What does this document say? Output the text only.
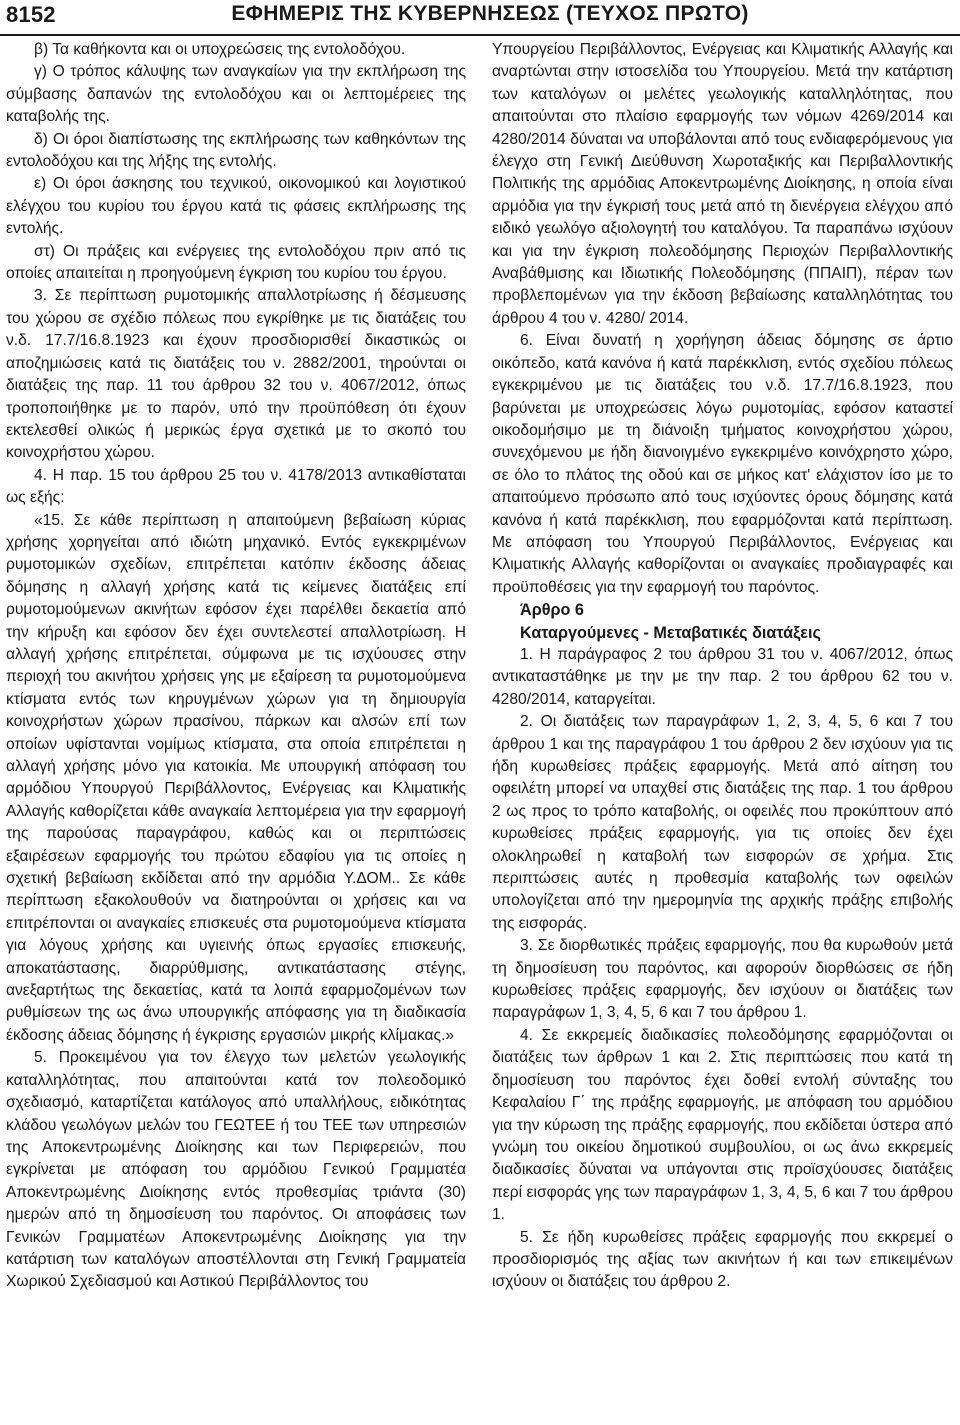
8152	ΕΦΗΜΕΡΙΣ ΤΗΣ ΚΥΒΕΡΝΗΣΕΩΣ (ΤΕΥΧΟΣ ΠΡΩΤΟ)

β) Τα καθήκοντα και οι υποχρεώσεις της εντολοδόχου.

γ) Ο τρόπος κάλυψης των αναγκαίων για την εκπλήρωση της σύμβασης δαπανών της εντολοδόχου και οι λεπτομέρειες της καταβολής της.

δ) Οι όροι διαπίστωσης της εκπλήρωσης των καθηκόντων της εντολοδόχου και της λήξης της εντολής.

ε) Οι όροι άσκησης του τεχνικού, οικονομικού και λογιστικού ελέγχου του κυρίου του έργου κατά τις φάσεις εκπλήρωσης της εντολής.

στ) Οι πράξεις και ενέργειες της εντολοδόχου πριν από τις οποίες απαιτείται η προηγούμενη έγκριση του κυρίου του έργου.

3. Σε περίπτωση ρυμοτομικής απαλλοτρίωσης ή δέσμευσης του χώρου σε σχέδιο πόλεως που εγκρίθηκε με τις διατάξεις του ν.δ. 17.7/16.8.1923 και έχουν προσδιορισθεί δικαστικώς οι αποζημιώσεις κατά τις διατάξεις του ν. 2882/2001, τηρούνται οι διατάξεις της παρ. 11 του άρθρου 32 του ν. 4067/2012, όπως τροποποιήθηκε με το παρόν, υπό την προϋπόθεση ότι έχουν εκτελεσθεί ολικώς ή μερικώς έργα σχετικά με το σκοπό του κοινοχρήστου χώρου.

4. Η παρ. 15 του άρθρου 25 του ν. 4178/2013 αντικαθίσταται ως εξής:

«15. Σε κάθε περίπτωση η απαιτούμενη βεβαίωση κύριας χρήσης χορηγείται από ιδιώτη μηχανικό. Εντός εγκεκριμένων ρυμοτομικών σχεδίων, επιτρέπεται κατόπιν έκδοσης άδειας δόμησης η αλλαγή χρήσης κατά τις κείμενες διατάξεις επί ρυμοτομούμενων ακινήτων εφόσον έχει παρέλθει δεκαετία από την κήρυξη και εφόσον δεν έχει συντελεστεί απαλλοτρίωση. Η αλλαγή χρήσης επιτρέπεται, σύμφωνα με τις ισχύουσες στην περιοχή του ακινήτου χρήσεις γης με εξαίρεση τα ρυμοτομούμενα κτίσματα εντός των κηρυγμένων χώρων για τη δημιουργία κοινοχρήστων χώρων πρασίνου, πάρκων και αλσών επί των οποίων υφίστανται νομίμως κτίσματα, στα οποία επιτρέπεται η αλλαγή χρήσης μόνο για κατοικία. Με υπουργική απόφαση του αρμόδιου Υπουργού Περιβάλλοντος, Ενέργειας και Κλιματικής Αλλαγής καθορίζεται κάθε αναγκαία λεπτομέρεια για την εφαρμογή της παρούσας παραγράφου, καθώς και οι περιπτώσεις εξαιρέσεων εφαρμογής του πρώτου εδαφίου για τις οποίες η σχετική βεβαίωση εκδίδεται από την αρμόδια Υ.ΔΟΜ.. Σε κάθε περίπτωση εξακολουθούν να διατηρούνται οι χρήσεις και να επιτρέπονται οι αναγκαίες επισκευές στα ρυμοτομούμενα κτίσματα για λόγους χρήσης και υγιεινής όπως εργασίες επισκευής, αποκατάστασης, διαρρύθμισης, αντικατάστασης στέγης, ανεξαρτήτως της δεκαετίας, κατά τα λοιπά εφαρμοζομένων των ρυθμίσεων της ως άνω υπουργικής απόφασης για τη διαδικασία έκδοσης άδειας δόμησης ή έγκρισης εργασιών μικρής κλίμακας.»

5. Προκειμένου για τον έλεγχο των μελετών γεωλογικής καταλληλότητας, που απαιτούνται κατά τον πολεοδομικό σχεδιασμό, καταρτίζεται κατάλογος από υπαλλήλους, ειδικότητας κλάδου γεωλόγων μελών του ΓΕΩΤΕΕ ή του ΤΕΕ των υπηρεσιών της Αποκεντρωμένης Διοίκησης και των Περιφερειών, που εγκρίνεται με απόφαση του αρμόδιου Γενικού Γραμματέα Αποκεντρωμένης Διοίκησης εντός προθεσμίας τριάντα (30) ημερών από τη δημοσίευση του παρόντος. Οι αποφάσεις των Γενικών Γραμματέων Αποκεντρωμένης Διοίκησης για την κατάρτιση των καταλόγων αποστέλλονται στη Γενική Γραμματεία Χωρικού Σχεδιασμού και Αστικού Περιβάλλοντος του

Υπουργείου Περιβάλλοντος, Ενέργειας και Κλιματικής Αλλαγής και αναρτώνται στην ιστοσελίδα του Υπουργείου. Μετά την κατάρτιση των καταλόγων οι μελέτες γεωλογικής καταλληλότητας, που απαιτούνται στο πλαίσιο εφαρμογής των νόμων 4269/2014 και 4280/2014 δύναται να υποβάλονται από τους ενδιαφερόμενους για έλεγχο στη Γενική Διεύθυνση Χωροταξικής και Περιβαλλοντικής Πολιτικής της αρμόδιας Αποκεντρωμένης Διοίκησης, η οποία είναι αρμόδια για την έγκρισή τους μετά από τη διενέργεια ελέγχου από ειδικό γεωλόγο αξιολογητή του καταλόγου. Τα παραπάνω ισχύουν και για την έγκριση πολεοδόμησης Περιοχών Περιβαλλοντικής Αναβάθμισης και Ιδιωτικής Πολεοδόμησης (ΠΠΑΙΠ), πέραν των προβλεπομένων για την έκδοση βεβαίωσης καταλληλότητας του άρθρου 4 του ν. 4280/ 2014.

6. Είναι δυνατή η χορήγηση άδειας δόμησης σε άρτιο οικόπεδο, κατά κανόνα ή κατά παρέκκλιση, εντός σχεδίου πόλεως εγκεκριμένου με τις διατάξεις του ν.δ. 17.7/16.8.1923, που βαρύνεται με υποχρεώσεις λόγω ρυμοτομίας, εφόσον καταστεί οικοδομήσιμο με τη διάνοιξη τμήματος κοινοχρήστου χώρου, συνεχόμενου με ήδη διανοιγμένο εγκεκριμένο κοινόχρηστο χώρο, σε όλο το πλάτος της οδού και σε μήκος κατ' ελάχιστον ίσο με το απαιτούμενο πρόσωπο από τους ισχύοντες όρους δόμησης κατά κανόνα ή κατά παρέκκλιση, που εφαρμόζονται κατά περίπτωση. Με απόφαση του Υπουργού Περιβάλλοντος, Ενέργειας και Κλιματικής Αλλαγής καθορίζονται οι αναγκαίες προδιαγραφές και προϋποθέσεις για την εφαρμογή του παρόντος.

Άρθρο 6

Καταργούμενες - Μεταβατικές διατάξεις

1. Η παράγραφος 2 του άρθρου 31 του ν. 4067/2012, όπως αντικαταστάθηκε με την με την παρ. 2 του άρθρου 62 του ν. 4280/2014, καταργείται.

2. Οι διατάξεις των παραγράφων 1, 2, 3, 4, 5, 6 και 7 του άρθρου 1 και της παραγράφου 1 του άρθρου 2 δεν ισχύουν για τις ήδη κυρωθείσες πράξεις εφαρμογής. Μετά από αίτηση του οφειλέτη μπορεί να υπαχθεί στις διατάξεις της παρ. 1 του άρθρου 2 ως προς το τρόπο καταβολής, οι οφειλές που προκύπτουν από κυρωθείσες πράξεις εφαρμογής, για τις οποίες δεν έχει ολοκληρωθεί η καταβολή των εισφορών σε χρήμα. Στις περιπτώσεις αυτές η προθεσμία καταβολής των οφειλών υπολογίζεται από την ημερομηνία της αρχικής πράξης επιβολής της εισφοράς.

3. Σε διορθωτικές πράξεις εφαρμογής, που θα κυρωθούν μετά τη δημοσίευση του παρόντος, και αφορούν διορθώσεις σε ήδη κυρωθείσες πράξεις εφαρμογής, δεν ισχύουν οι διατάξεις των παραγράφων 1, 3, 4, 5, 6 και 7 του άρθρου 1.

4. Σε εκκρεμείς διαδικασίες πολεοδόμησης εφαρμόζονται οι διατάξεις των άρθρων 1 και 2. Στις περιπτώσεις που κατά τη δημοσίευση του παρόντος έχει δοθεί εντολή σύνταξης του Κεφαλαίου Γ΄ της πράξης εφαρμογής, με απόφαση του αρμόδιου για την κύρωση της πράξης εφαρμογής, που εκδίδεται ύστερα από γνώμη του οικείου δημοτικού συμβουλίου, οι ως άνω εκκρεμείς διαδικασίες δύναται να υπάγονται στις προϊσχύουσες διατάξεις περί εισφοράς γης των παραγράφων 1, 3, 4, 5, 6 και 7 του άρθρου 1.

5. Σε ήδη κυρωθείσες πράξεις εφαρμογής που εκκρεμεί ο προσδιορισμός της αξίας των ακινήτων ή και των επικειμένων ισχύουν οι διατάξεις του άρθρου 2.
